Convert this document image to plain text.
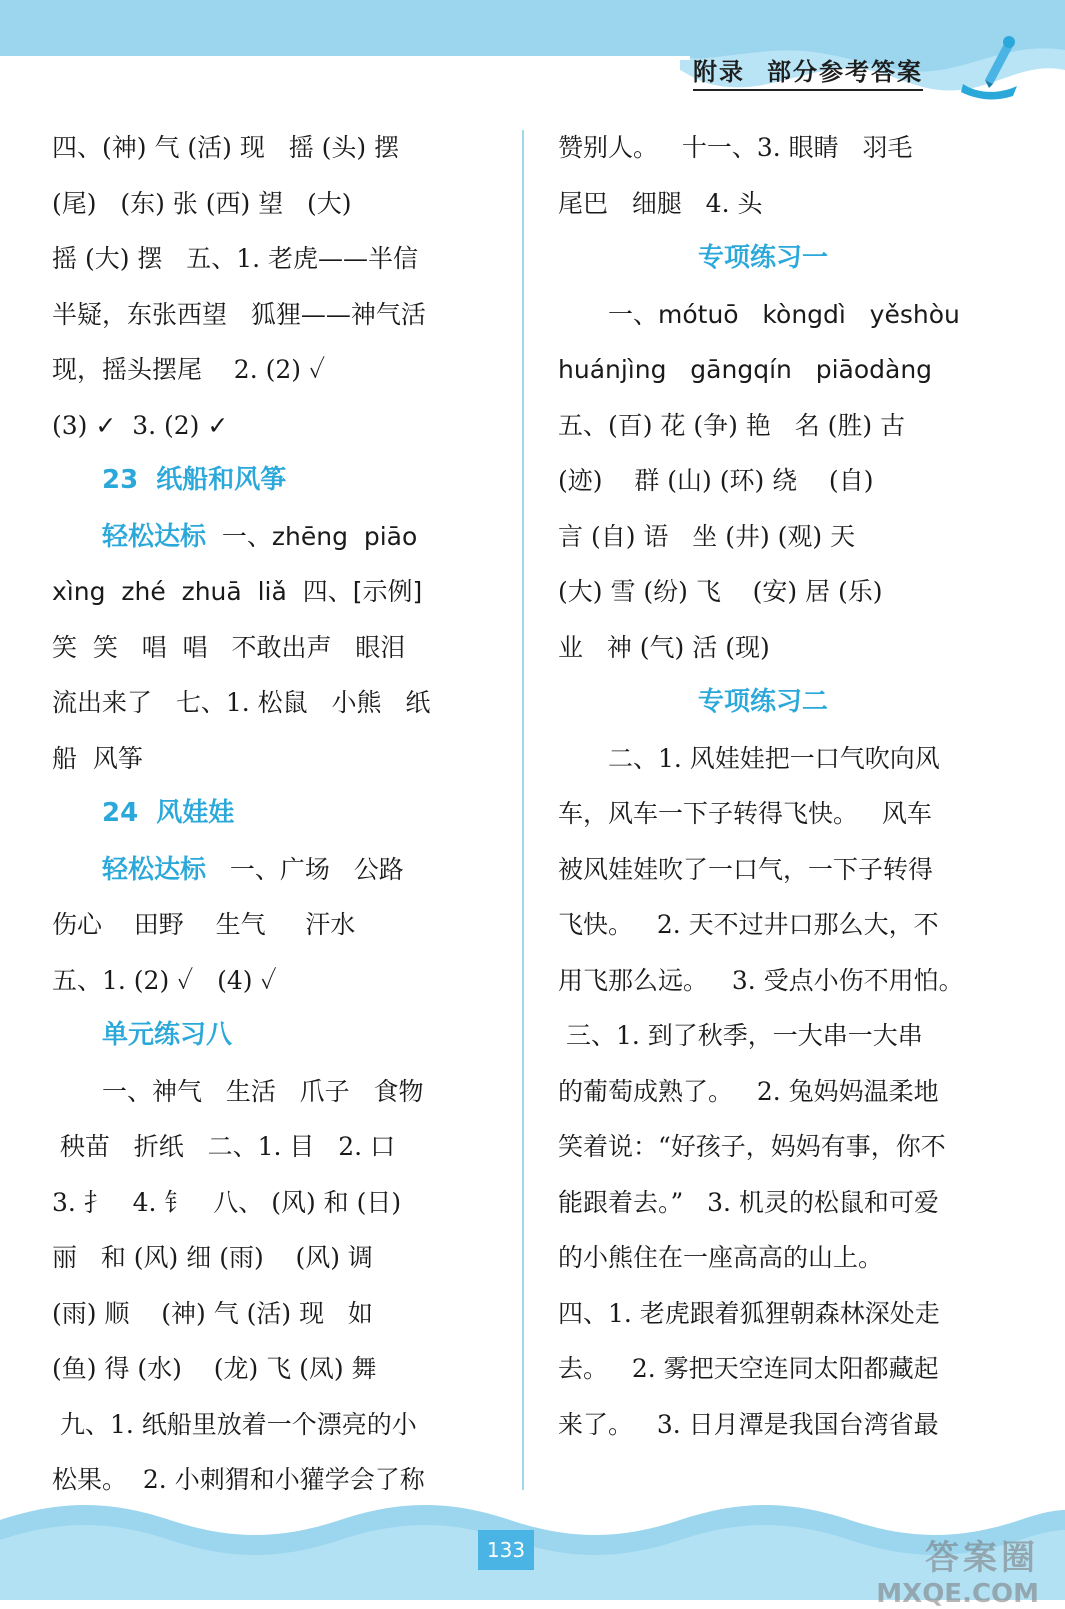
附录 部分参考答案
四、(神) 气 (活) 现   摇 (头) 摆
(尾)   (东) 张 (西) 望   (大)
摇 (大) 摆   五、1. 老虎——半信
半疑，东张西望   狐狸——神气活
现，摇头摆尾    2. (2) ✓
(3) ✓  3. (2) ✓
23  纸船和风筝
轻松达标  一、zhēng  piāo
xìng  zhé  zhuā  liǎ  四、[示例]
笑  笑   唱  唱   不敢出声   眼泪
流出来了   七、1. 松鼠   小熊   纸
船  风筝
24  风娃娃
轻松达标   一、广场   公路
伤心    田野    生气     汗水
五、1. (2) ✓   (4) ✓
单元练习八
一、神气   生活   爪子   食物
秧苗   折纸   二、1. 目   2. 口
3. 扌   4. 钅   八、 (风) 和 (日)
丽   和 (风) 细 (雨)    (风) 调
(雨) 顺    (神) 气 (活) 现   如
(鱼) 得 (水)    (龙) 飞 (凤) 舞
九、1. 纸船里放着一个漂亮的小
松果。  2. 小刺猬和小獾学会了称
赞别人。   十一、3. 眼睛   羽毛
尾巴   细腿   4. 头
专项练习一
一、mótuō   kòngdì   yěshòu
huánjìng   gāngqín   piāodàng
五、(百) 花 (争) 艳   名 (胜) 古
(迹)    群 (山) (环) 绕    (自)
言 (自) 语   坐 (井) (观) 天
(大) 雪 (纷) 飞    (安) 居 (乐)
业   神 (气) 活 (现)
专项练习二
二、1. 风娃娃把一口气吹向风
车，风车一下子转得飞快。   风车
被风娃娃吹了一口气，一下子转得
飞快。   2. 天不过井口那么大，不
用飞那么远。   3. 受点小伤不用怕。
三、1. 到了秋季，一大串一大串
的葡萄成熟了。   2. 兔妈妈温柔地
笑着说：“好孩子，妈妈有事，你不
能跟着去。”   3. 机灵的松鼠和可爱
的小熊住在一座高高的山上。
四、1. 老虎跟着狐狸朝森林深处走
去。   2. 雾把天空连同太阳都藏起
来了。   3. 日月潭是我国台湾省最
133	答案圈
MXQE.COM
